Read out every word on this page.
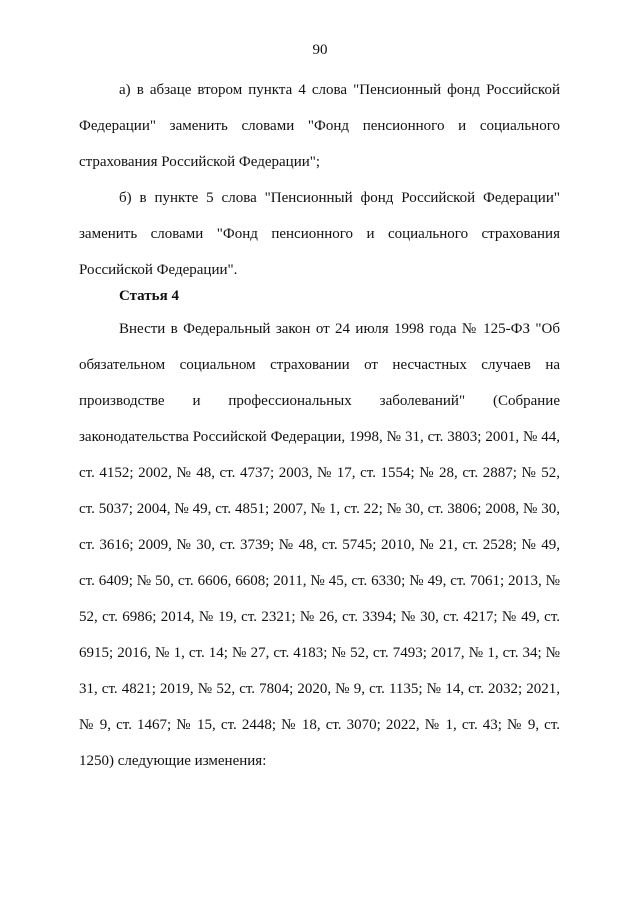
90

а) в абзаце втором пункта 4 слова "Пенсионный фонд Российской Федерации" заменить словами "Фонд пенсионного и социального страхования Российской Федерации";

б) в пункте 5 слова "Пенсионный фонд Российской Федерации" заменить словами "Фонд пенсионного и социального страхования Российской Федерации".

Статья 4

Внести в Федеральный закон от 24 июля 1998 года № 125-ФЗ "Об обязательном социальном страховании от несчастных случаев на производстве и профессиональных заболеваний" (Собрание законодательства Российской Федерации, 1998, № 31, ст. 3803; 2001, № 44, ст. 4152; 2002, № 48, ст. 4737; 2003, № 17, ст. 1554; № 28, ст. 2887; № 52, ст. 5037; 2004, № 49, ст. 4851; 2007, № 1, ст. 22; № 30, ст. 3806; 2008, № 30, ст. 3616; 2009, № 30, ст. 3739; № 48, ст. 5745; 2010, № 21, ст. 2528; № 49, ст. 6409; № 50, ст. 6606, 6608; 2011, № 45, ст. 6330; № 49, ст. 7061; 2013, № 52, ст. 6986; 2014, № 19, ст. 2321; № 26, ст. 3394; № 30, ст. 4217; № 49, ст. 6915; 2016, № 1, ст. 14; № 27, ст. 4183; № 52, ст. 7493; 2017, № 1, ст. 34; № 31, ст. 4821; 2019, № 52, ст. 7804; 2020, № 9, ст. 1135; № 14, ст. 2032; 2021, № 9, ст. 1467; № 15, ст. 2448; № 18, ст. 3070; 2022, № 1, ст. 43; № 9, ст. 1250) следующие изменения:
